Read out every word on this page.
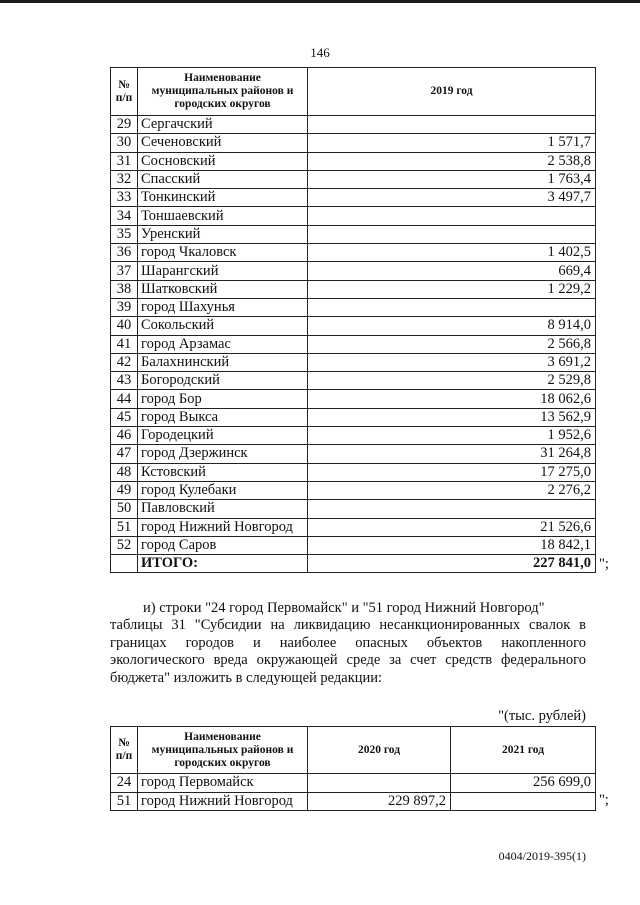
146
№ п/п	Наименование муниципальных районов и городских округов	2019 год
29	Сергачский	
30	Сеченовский	1 571,7
31	Сосновский	2 538,8
32	Спасский	1 763,4
33	Тонкинский	3 497,7
34	Тоншаевский	
35	Уренский	
36	город Чкаловск	1 402,5
37	Шарангский	669,4
38	Шатковский	1 229,2
39	город Шахунья	
40	Сокольский	8 914,0
41	город Арзамас	2 566,8
42	Балахнинский	3 691,2
43	Богородский	2 529,8
44	город Бор	18 062,6
45	город Выкса	13 562,9
46	Городецкий	1 952,6
47	город Дзержинск	31 264,8
48	Кстовский	17 275,0
49	город Кулебаки	2 276,2
50	Павловский	
51	город Нижний Новгород	21 526,6
52	город Саров	18 842,1
	ИТОГО:	227 841,0 ";
и) строки "24 город Первомайск" и "51 город Нижний Новгород"
таблицы 31 "Субсидии на ликвидацию несанкционированных свалок в границах городов и наиболее опасных объектов накопленного экологического вреда окружающей среде за счет средств федерального бюджета" изложить в следующей редакции:
"(тыс. рублей)
№ п/п	Наименование муниципальных районов и городских округов	2020 год	2021 год
24	город Первомайск		256 699,0
51	город Нижний Новгород	229 897,2		";
0404/2019-395(1)
